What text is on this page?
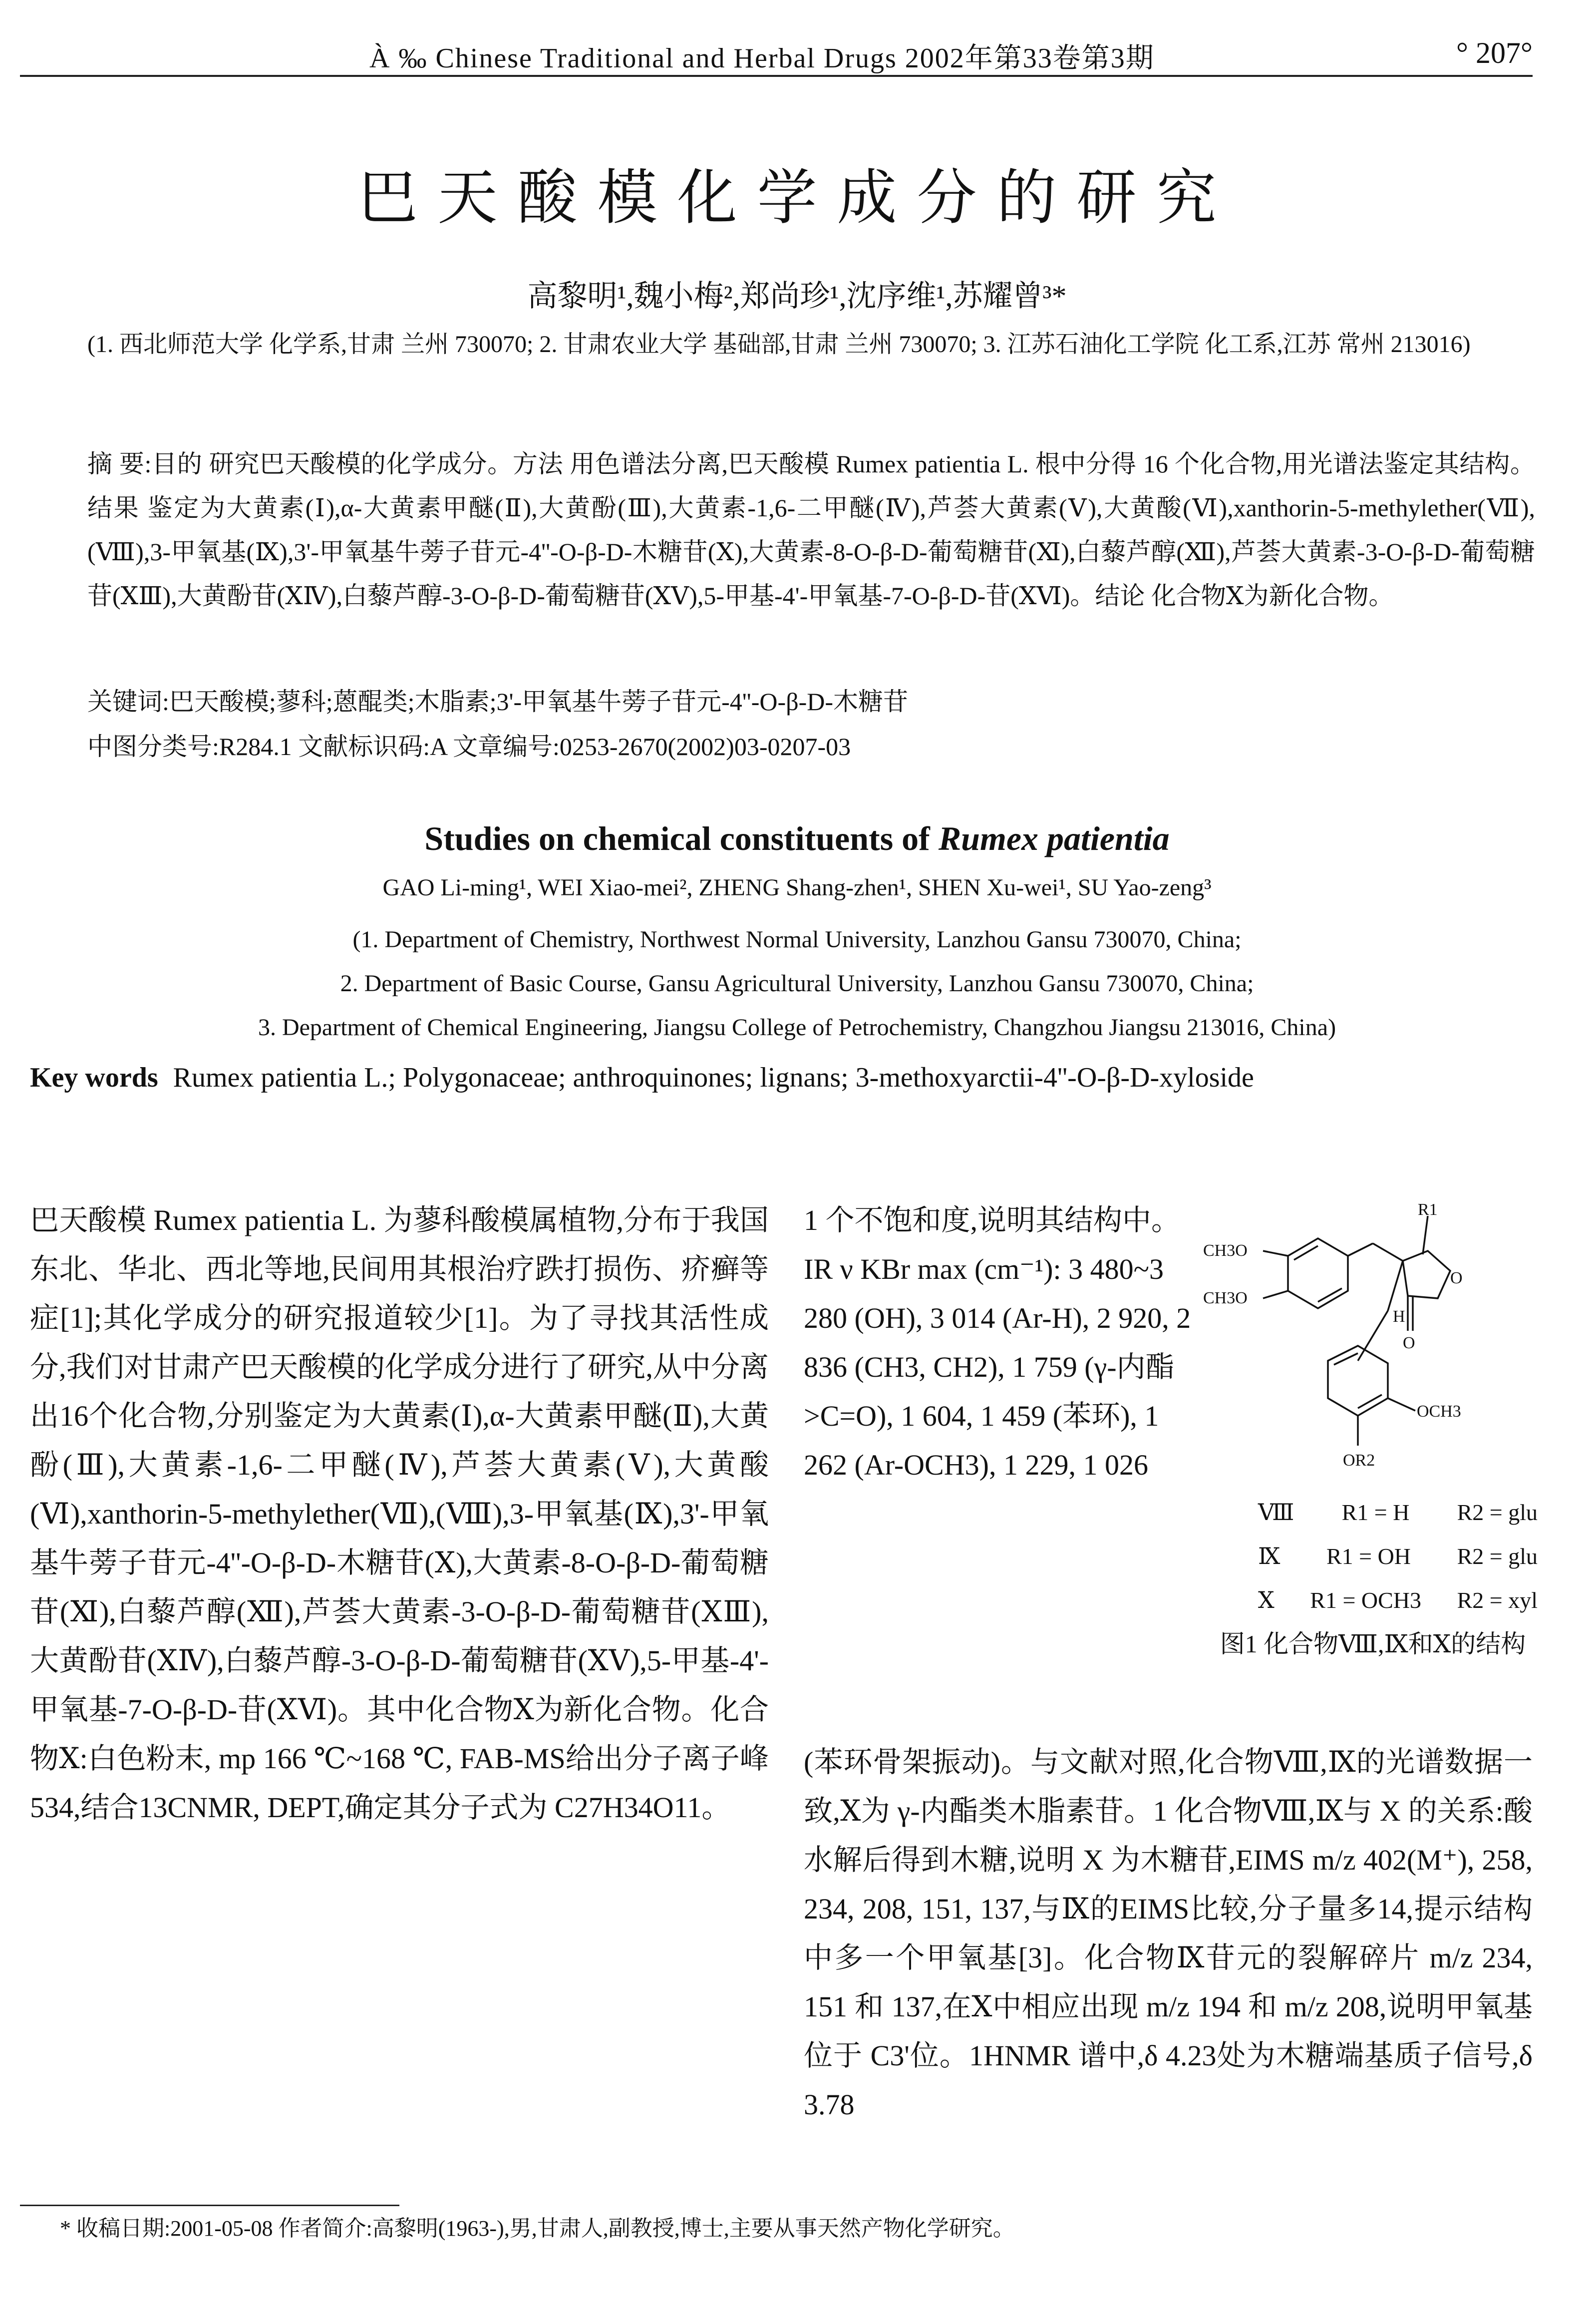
À ‰ Chinese Traditional and Herbal Drugs 2002年第33卷第3期	° 207°
巴天酸模化学成分的研究
高黎明¹,魏小梅²,郑尚珍¹,沈序维¹,苏耀曾³*
(1. 西北师范大学 化学系,甘肃 兰州 730070; 2. 甘肃农业大学 基础部,甘肃 兰州 730070; 3. 江苏石油化工学院 化工系,江苏 常州 213016)
摘 要:目的 研究巴天酸模的化学成分。方法 用色谱法分离,巴天酸模 Rumex patientia L. 根中分得 16 个化合物,用光谱法鉴定其结构。结果 鉴定为大黄素(Ⅰ),α-大黄素甲醚(Ⅱ),大黄酚(Ⅲ),大黄素-1,6-二甲醚(Ⅳ),芦荟大黄素(Ⅴ),大黄酸(Ⅵ),xanthorin-5-methylether(Ⅶ),(Ⅷ),3-甲氧基(Ⅸ),3'-甲氧基牛蒡子苷元-4''-O-β-D-木糖苷(Ⅹ),大黄素-8-O-β-D-葡萄糖苷(Ⅺ),白藜芦醇(Ⅻ),芦荟大黄素-3-O-β-D-葡萄糖苷(ⅩⅢ),大黄酚苷(ⅩⅣ),白藜芦醇-3-O-β-D-葡萄糖苷(ⅩⅤ),5-甲基-4'-甲氧基-7-O-β-D-苷(ⅩⅥ)。结论 化合物Ⅹ为新化合物。
关键词:巴天酸模;蓼科;蒽醌类;木脂素;3'-甲氧基牛蒡子苷元-4''-O-β-D-木糖苷
中图分类号:R284.1 文献标识码:A 文章编号:0253-2670(2002)03-0207-03
Studies on chemical constituents of Rumex patientia
GAO Li-ming¹, WEI Xiao-mei², ZHENG Shang-zhen¹, SHEN Xu-wei¹, SU Yao-zeng³
(1. Department of Chemistry, Northwest Normal University, Lanzhou Gansu 730070, China;
2. Department of Basic Course, Gansu Agricultural University, Lanzhou Gansu 730070, China;
3. Department of Chemical Engineering, Jiangsu College of Petrochemistry, Changzhou Jiangsu 213016, China)
Key words Rumex patientia L.; Polygonaceae; anthroquinones; lignans; 3-methoxyarctii-4''-O-β-D-xyloside
巴天酸模 Rumex patientia L. 为蓼科酸模属植物,分布于我国东北、华北、西北等地,民间用其根治疗跌打损伤、疥癣等症[1];其化学成分的研究报道较少[1]。为了寻找其活性成分,我们对甘肃产巴天酸模的化学成分进行了研究,从中分离出16个化合物,分别鉴定为大黄素(Ⅰ),α-大黄素甲醚(Ⅱ),大黄酚(Ⅲ),大黄素-1,6-二甲醚(Ⅳ),芦荟大黄素(Ⅴ),大黄酸(Ⅵ),xanthorin-5-methylether(Ⅶ),(Ⅷ),3-甲氧基(Ⅸ),3'-甲氧基牛蒡子苷元-4''-O-β-D-木糖苷(Ⅹ),大黄素-8-O-β-D-葡萄糖苷(Ⅺ),白藜芦醇(Ⅻ),芦荟大黄素-3-O-β-D-葡萄糖苷(ⅩⅢ),大黄酚苷(ⅩⅣ),白藜芦醇-3-O-β-D-葡萄糖苷(ⅩⅤ),5-甲基-4'-甲氧基-7-O-β-D-苷(ⅩⅥ)。其中化合物Ⅹ为新化合物。化合物Ⅹ:白色粉末, mp 166 ℃~168 ℃, FAB-MS给出分子离子峰 534,结合13CNMR, DEPT,确定其分子式为 C27H34O11。
1 个不饱和度,说明其结构中。IR ν KBr max (cm⁻¹): 3 480~3 280 (OH), 3 014 (Ar-H), 2 920, 2 836 (CH3, CH2), 1 759 (γ-内酯 >C=O), 1 604, 1 459 (苯环), 1 262 (Ar-OCH3), 1 229, 1 026
R1
CH3O
CH3O
OCH3
OR2
O
O
H
Ⅷ R1 = H R2 = glu
Ⅸ R1 = OH R2 = glu
Ⅹ R1 = OCH3 R2 = xyl
图1 化合物Ⅷ,Ⅸ和Ⅹ的结构
(苯环骨架振动)。与文献对照,化合物Ⅷ,Ⅸ的光谱数据一致,Ⅹ为 γ-内酯类木脂素苷。1 化合物Ⅷ,Ⅸ与 X 的关系:酸水解后得到木糖,说明 X 为木糖苷,EIMS m/z 402(M⁺), 258, 234, 208, 151, 137,与Ⅸ的EIMS比较,分子量多14,提示结构中多一个甲氧基[3]。化合物Ⅸ苷元的裂解碎片 m/z 234, 151 和 137,在Ⅹ中相应出现 m/z 194 和 m/z 208,说明甲氧基位于 C3'位。1HNMR 谱中,δ 4.23处为木糖端基质子信号,δ 3.78
* 收稿日期:2001-05-08 作者简介:高黎明(1963-),男,甘肃人,副教授,博士,主要从事天然产物化学研究。
